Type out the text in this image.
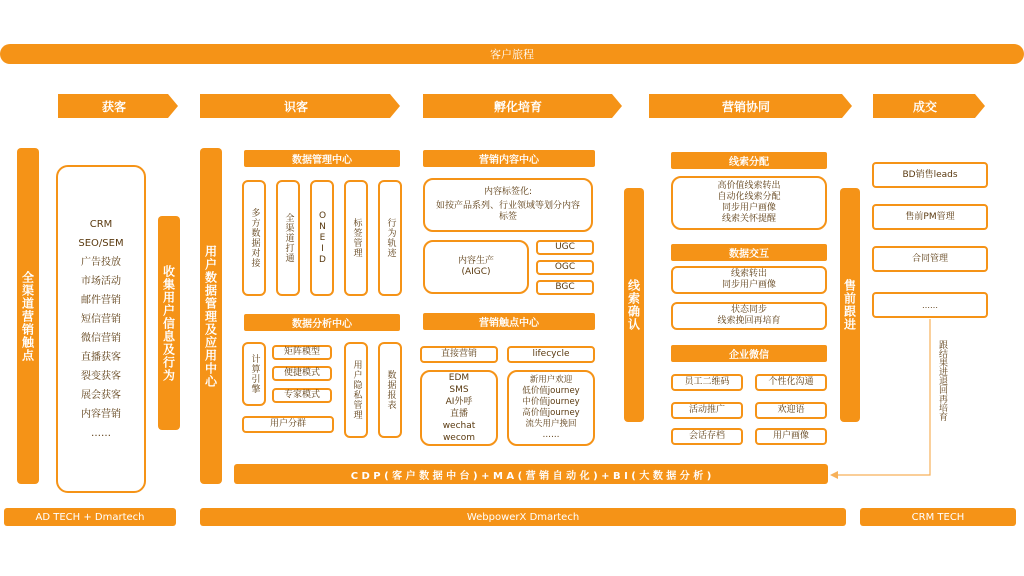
客户旅程
获客	识客	孵化培育	营销协同	成交
全渠道营销触点
CRM
SEO/SEM
广告投放
市场活动
邮件营销
短信营销
微信营销
直播获客
裂变获客
展会获客
内容营销
……
收集用户信息及行为 用户数据管理及应用中心
数据管理中心
多方数据对接	全渠道打通	ONEID	标签管理	行为轨迹
数据分析中心
计算引擎
矩阵模型
便捷模式
专家模式	用户隐私管理	数据报表
用户分群
营销内容中心
内容标签化:
如按产品系列、行业领域等划分内容标签
内容生产
(AIGC)
UGC
OGC
BGC
营销触点中心
直接营销	lifecycle
EDM
SMS
AI外呼
直播
wechat
wecom
新用户欢迎
低价值journey
中价值journey
高价值journey
流失用户挽回
……
线索确认
线索分配
高价值线索转出
自动化线索分配
同步用户画像
线索关怀提醒
数据交互
线索转出
同步用户画像
状态同步
线索挽回再培育
企业微信
员工二维码	个性化沟通
活动推广	欢迎语
会话存档	用户画像
售前跟进
BD销售leads
售前PM管理
合同管理
……
跟结果进退回再培育
C D P ( 客 户 数 据 中 台 ) + M A ( 营 销 自 动 化 ) + B I ( 大 数 据 分 析 )
AD TECH + Dmartech	WebpowerX Dmartech	CRM TECH
